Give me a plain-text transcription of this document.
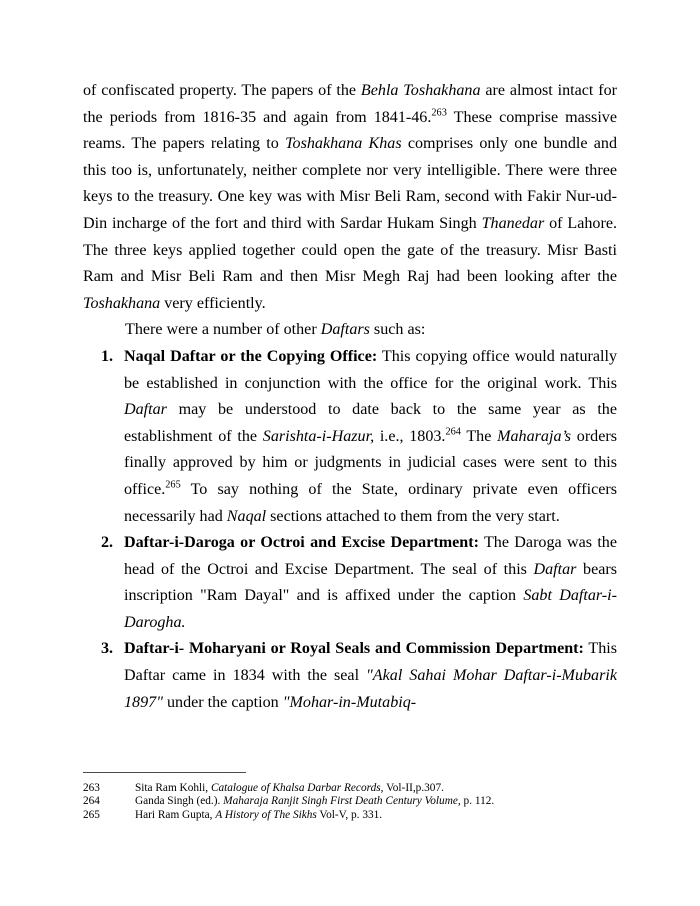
of confiscated property. The papers of the Behla Toshakhana are almost intact for the periods from 1816-35 and again from 1841-46.$^{263}$ These comprise massive reams. The papers relating to Toshakhana Khas comprises only one bundle and this too is, unfortunately, neither complete nor very intelligible. There were three keys to the treasury. One key was with Misr Beli Ram, second with Fakir Nur-ud-Din incharge of the fort and third with Sardar Hukam Singh Thanedar of Lahore. The three keys applied together could open the gate of the treasury. Misr Basti Ram and Misr Beli Ram and then Misr Megh Raj had been looking after the Toshakhana very efficiently.

There were a number of other Daftars such as:

1. Naqal Daftar or the Copying Office: This copying office would naturally be established in conjunction with the office for the original work. This Daftar may be understood to date back to the same year as the establishment of the Sarishta-i-Hazur, i.e., 1803.$^{264}$ The Maharaja’s orders finally approved by him or judgments in judicial cases were sent to this office.$^{265}$ To say nothing of the State, ordinary private even officers necessarily had Naqal sections attached to them from the very start.
2. Daftar-i-Daroga or Octroi and Excise Department: The Daroga was the head of the Octroi and Excise Department. The seal of this Daftar bears inscription "Ram Dayal" and is affixed under the caption Sabt Daftar-i- Darogha.
3. Daftar-i- Moharyani or Royal Seals and Commission Department: This Daftar came in 1834 with the seal "Akal Sahai Mohar Daftar-i-Mubarik 1897" under the caption "Mohar-in-Mutabiq-
263	Sita Ram Kohli, Catalogue of Khalsa Darbar Records, Vol-II,p.307.
264	Ganda Singh (ed.). Maharaja Ranjit Singh First Death Century Volume, p. 112.
265	Hari Ram Gupta, A History of The Sikhs Vol-V, p. 331.
